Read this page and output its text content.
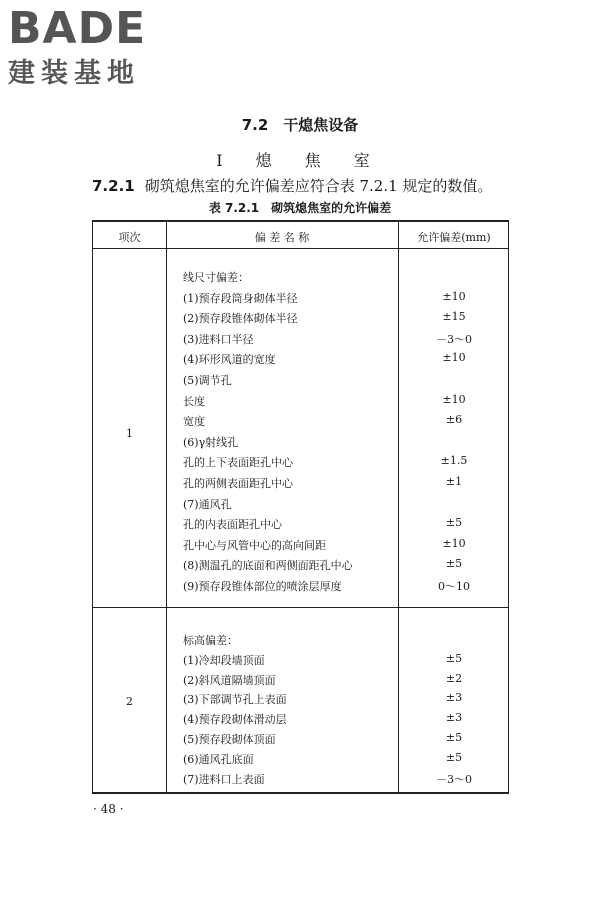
BADE
建装基地
7.2　干熄焦设备
Ⅰ 熄 焦 室
7.2.1 砌筑熄焦室的允许偏差应符合表 7.2.1 规定的数值。
表 7.2.1　砌筑熄焦室的允许偏差
项次	偏 差 名 称	允许偏差(mm)
1
线尺寸偏差：
(1)预存段筒身砌体半径	±10
(2)预存段锥体砌体半径	±15
(3)进料口半径	－3～0
(4)环形风道的宽度	±10
(5)调节孔
长度	±10
宽度	±6
(6)γ射线孔
孔的上下表面距孔中心	±1.5
孔的两侧表面距孔中心	±1
(7)通风孔
孔的内表面距孔中心	±5
孔中心与风管中心的高向间距	±10
(8)测温孔的底面和两侧面距孔中心	±5
(9)预存段锥体部位的喷涂层厚度	0～10
2
标高偏差：
(1)冷却段墙顶面	±5
(2)斜风道隔墙顶面	±2
(3)下部调节孔上表面	±3
(4)预存段砌体滑动层	±3
(5)预存段砌体顶面	±5
(6)通风孔底面	±5
(7)进料口上表面	－3～0
· 48 ·
